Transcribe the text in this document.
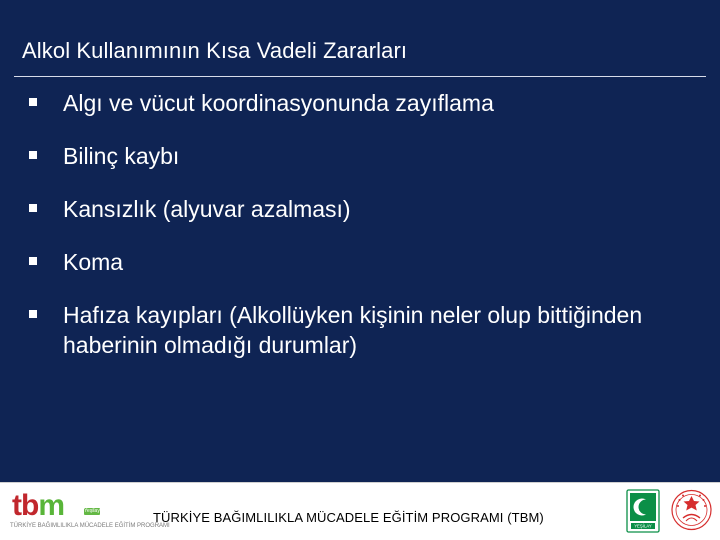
Alkol Kullanımının Kısa Vadeli Zararları
Algı ve vücut koordinasyonunda zayıflama
Bilinç kaybı
Kansızlık (alyuvar azalması)
Koma
Hafıza kayıpları (Alkollüyken kişinin neler olup bittiğinden haberinin olmadığı durumlar)
tbm
TÜRKİYE BAĞIMLILIKLA MÜCADELE EĞİTİM PROGRAMI
Yeşilay	TÜRKİYE BAĞIMLILIKLA MÜCADELE EĞİTİM PROGRAMI (TBM)
YEŞİLAY
